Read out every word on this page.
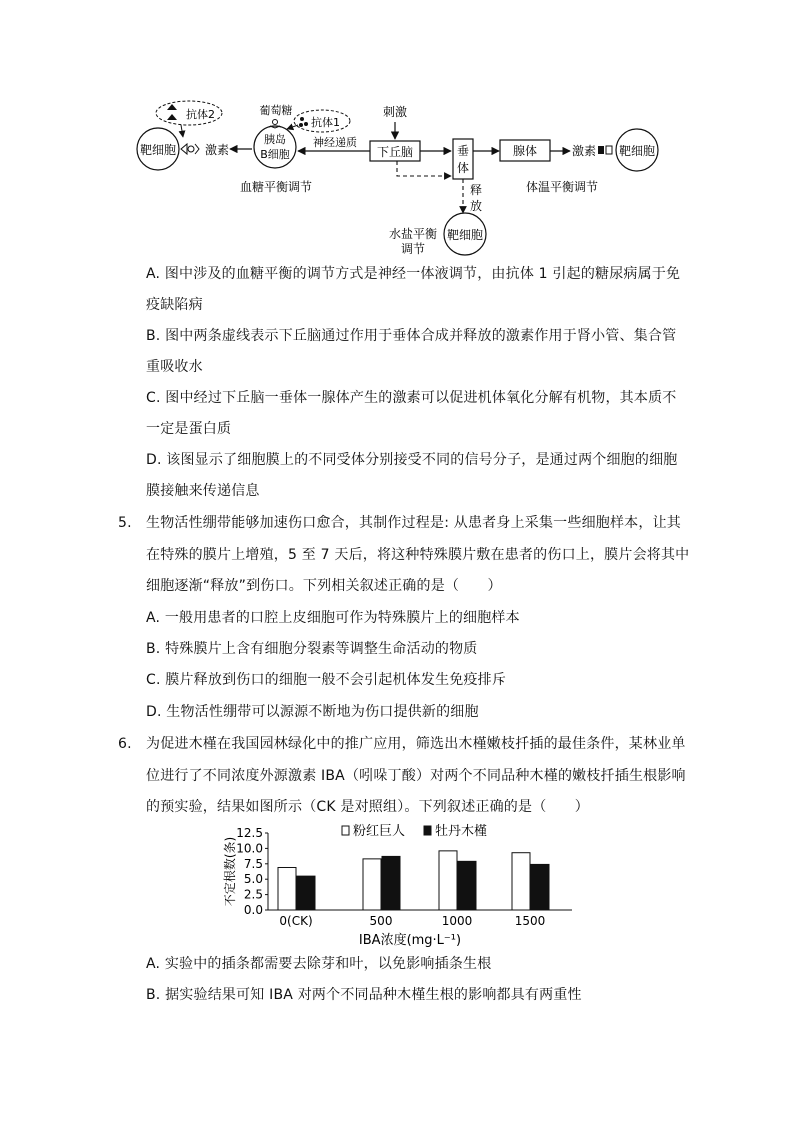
靶细胞
抗体2
激素
胰岛
B细胞
葡萄糖
抗体1
神经递质
刺激
下丘脑	垂
体
腺体	激素 靶细胞
释
放
靶细胞
血糖平衡调节	体温平衡调节
水盐平衡
调节
A. 图中涉及的血糖平衡的调节方式是神经一体液调节，由抗体 1 引起的糖尿病属于免
疫缺陷病
B. 图中两条虚线表示下丘脑通过作用于垂体合成并释放的激素作用于肾小管、集合管
重吸收水
C. 图中经过下丘脑一垂体一腺体产生的激素可以促进机体氧化分解有机物，其本质不
一定是蛋白质
D. 该图显示了细胞膜上的不同受体分别接受不同的信号分子，是通过两个细胞的细胞
膜接触来传递信息
5. 生物活性绷带能够加速伤口愈合，其制作过程是: 从患者身上采集一些细胞样本，让其
在特殊的膜片上增殖，5 至 7 天后，将这种特殊膜片敷在患者的伤口上，膜片会将其中
细胞逐渐“释放”到伤口。下列相关叙述正确的是（　　）
A. 一般用患者的口腔上皮细胞可作为特殊膜片上的细胞样本
B. 特殊膜片上含有细胞分裂素等调整生命活动的物质
C. 膜片释放到伤口的细胞一般不会引起机体发生免疫排斥
D. 生物活性绷带可以源源不断地为伤口提供新的细胞
6. 为促进木槿在我国园林绿化中的推广应用，筛选出木槿嫩枝扦插的最佳条件，某林业单
位进行了不同浓度外源激素 IBA（吲哚丁酸）对两个不同品种木槿的嫩枝扦插生根影响
的预实验，结果如图所示（CK 是对照组）。下列叙述正确的是（　　）
0.0
2.5
5.0
7.5
10.0
12.5
不定根数(条)
0(CK)	500	1000	1500
IBA浓度(mg·L⁻¹)
粉红巨人 牡丹木槿
A. 实验中的插条都需要去除芽和叶，以免影响插条生根
B. 据实验结果可知 IBA 对两个不同品种木槿生根的影响都具有两重性
